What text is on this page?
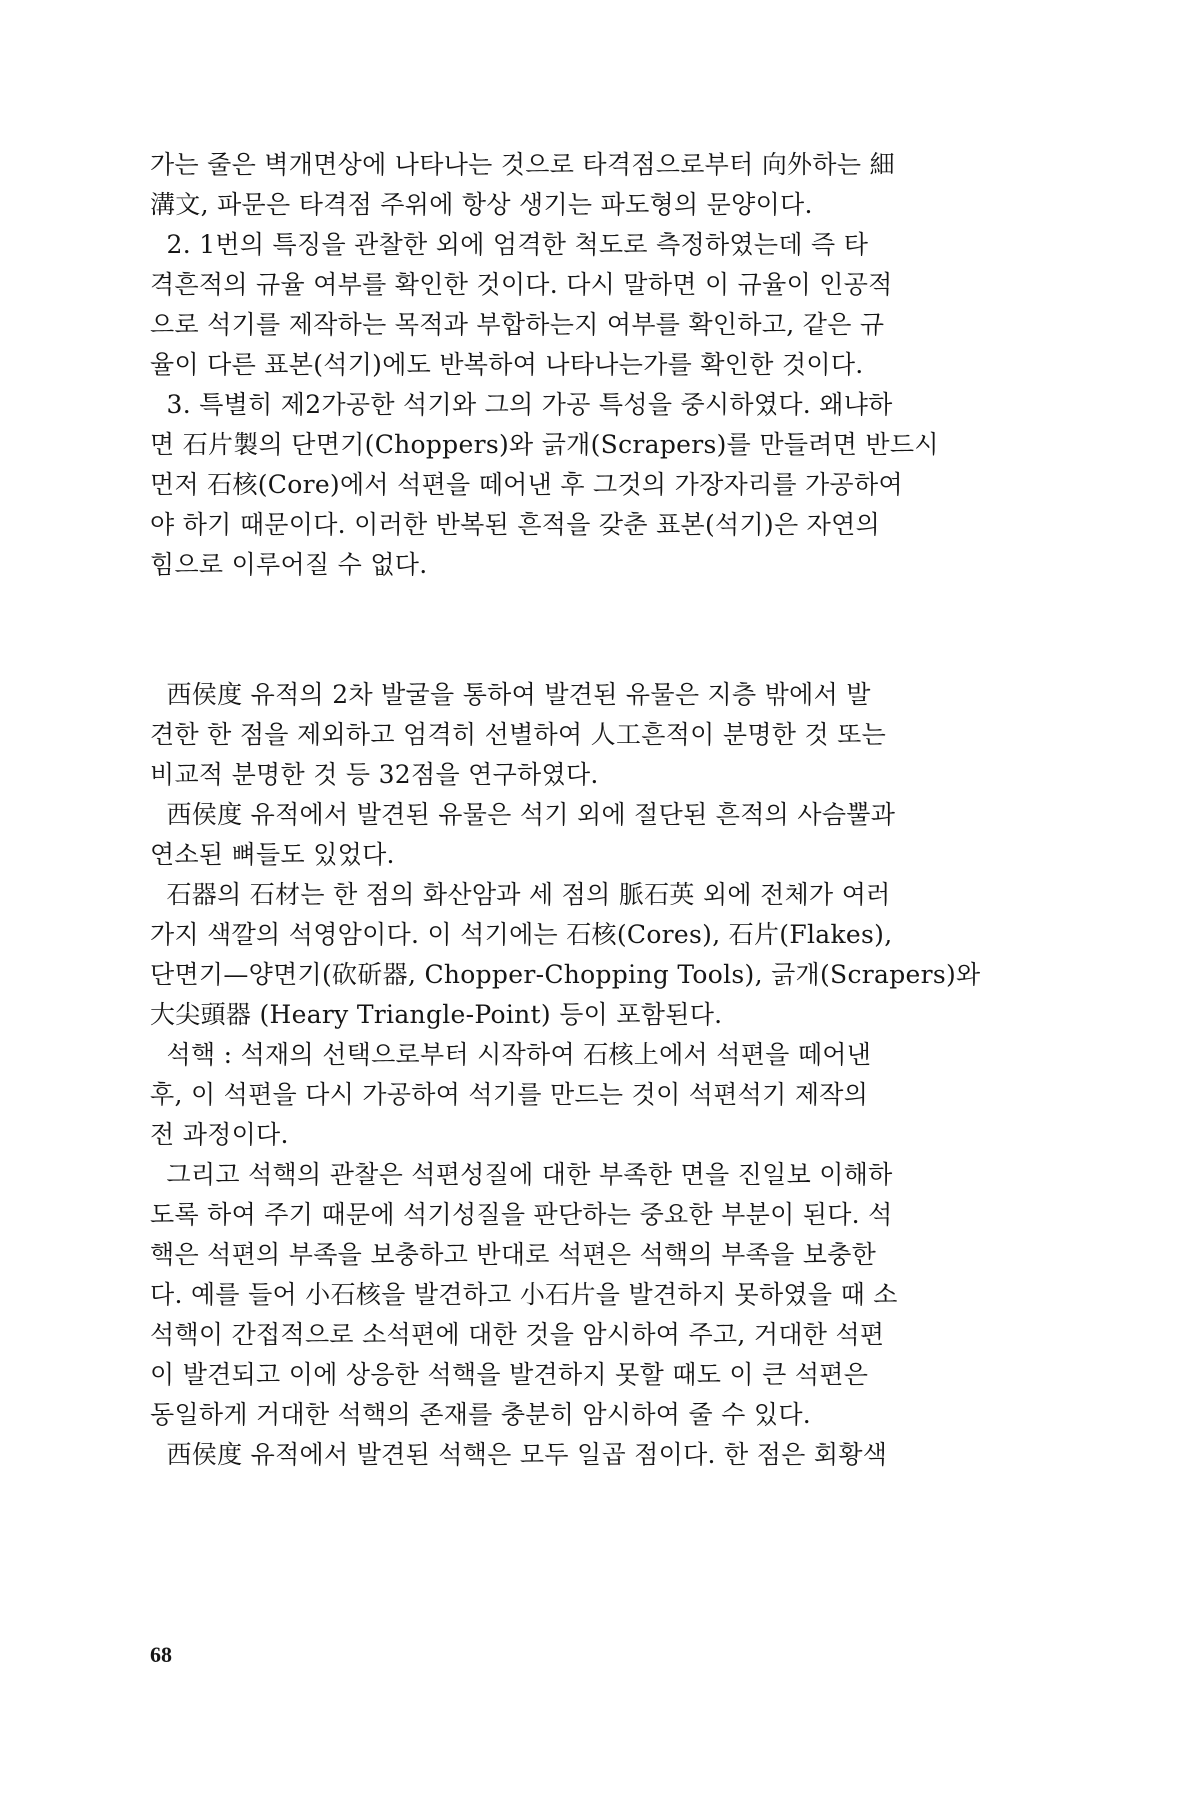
가는 줄은 벽개면상에 나타나는 것으로 타격점으로부터 向外하는 細
溝文, 파문은 타격점 주위에 항상 생기는 파도형의 문양이다.
2. 1번의 특징을 관찰한 외에 엄격한 척도로 측정하였는데 즉 타
격흔적의 규율 여부를 확인한 것이다. 다시 말하면 이 규율이 인공적
으로 석기를 제작하는 목적과 부합하는지 여부를 확인하고, 같은 규
율이 다른 표본(석기)에도 반복하여 나타나는가를 확인한 것이다.
3. 특별히 제2가공한 석기와 그의 가공 특성을 중시하였다. 왜냐하
면 石片製의 단면기(Choppers)와 긁개(Scrapers)를 만들려면 반드시
먼저 石核(Core)에서 석편을 떼어낸 후 그것의 가장자리를 가공하여
야 하기 때문이다. 이러한 반복된 흔적을 갖춘 표본(석기)은 자연의
힘으로 이루어질 수 없다.
西侯度 유적의 2차 발굴을 통하여 발견된 유물은 지층 밖에서 발
견한 한 점을 제외하고 엄격히 선별하여 人工흔적이 분명한 것 또는
비교적 분명한 것 등 32점을 연구하였다.
西侯度 유적에서 발견된 유물은 석기 외에 절단된 흔적의 사슴뿔과
연소된 뼈들도 있었다.
石器의 石材는 한 점의 화산암과 세 점의 脈石英 외에 전체가 여러
가지 색깔의 석영암이다. 이 석기에는 石核(Cores), 石片(Flakes),
단면기—양면기(砍斫器, Chopper-Chopping Tools), 긁개(Scrapers)와
大尖頭器 (Heary Triangle-Point) 등이 포함된다.
석핵 : 석재의 선택으로부터 시작하여 石核上에서 석편을 떼어낸
후, 이 석편을 다시 가공하여 석기를 만드는 것이 석편석기 제작의
전 과정이다.
그리고 석핵의 관찰은 석편성질에 대한 부족한 면을 진일보 이해하
도록 하여 주기 때문에 석기성질을 판단하는 중요한 부분이 된다. 석
핵은 석편의 부족을 보충하고 반대로 석편은 석핵의 부족을 보충한
다. 예를 들어 小石核을 발견하고 小石片을 발견하지 못하였을 때 소
석핵이 간접적으로 소석편에 대한 것을 암시하여 주고, 거대한 석편
이 발견되고 이에 상응한 석핵을 발견하지 못할 때도 이 큰 석편은
동일하게 거대한 석핵의 존재를 충분히 암시하여 줄 수 있다.
西侯度 유적에서 발견된 석핵은 모두 일곱 점이다. 한 점은 회황색
68
